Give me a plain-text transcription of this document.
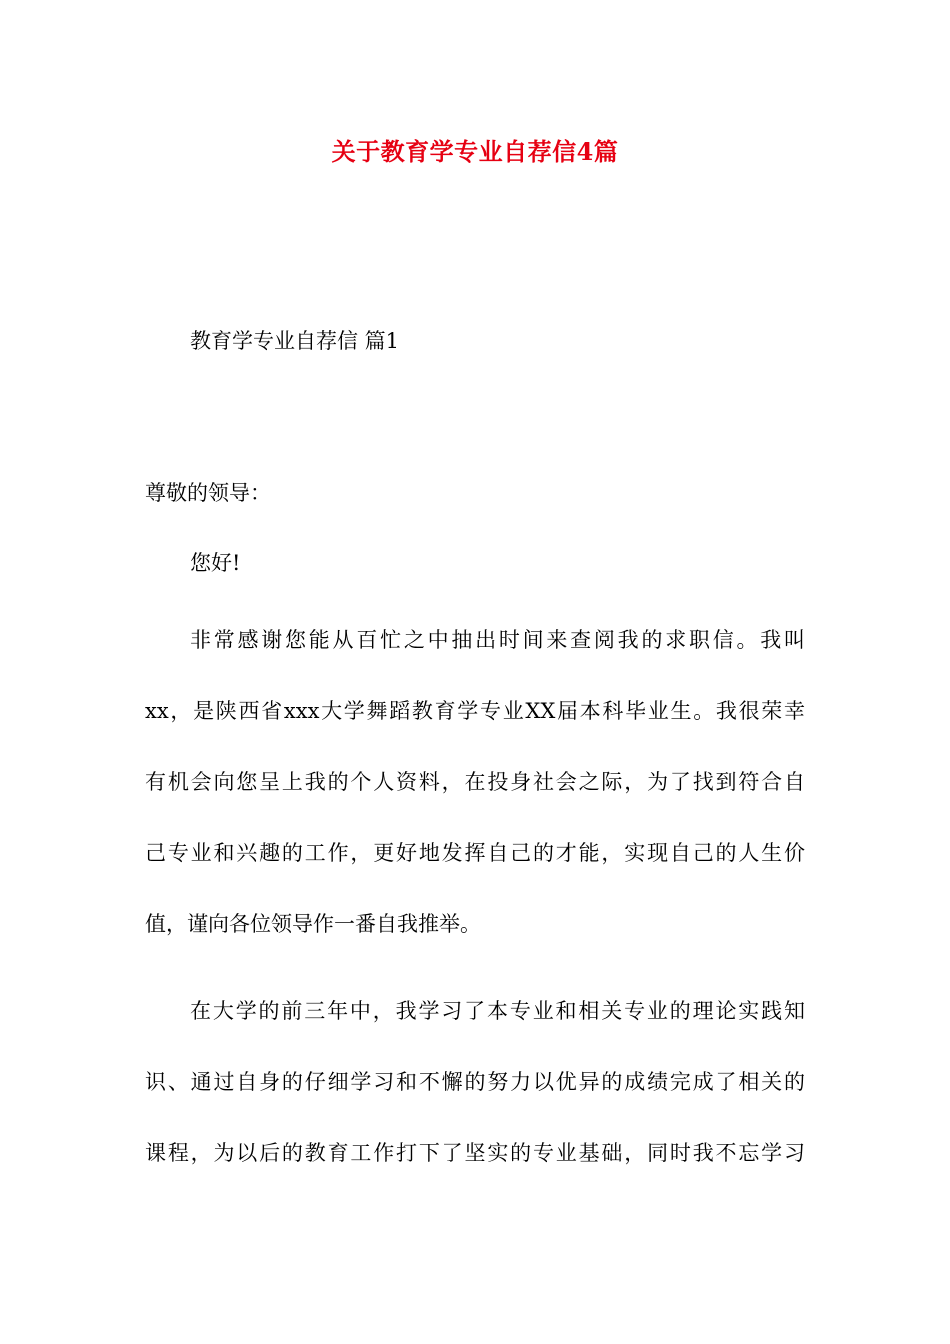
关于教育学专业自荐信4篇
教育学专业自荐信 篇1
尊敬的领导：
您好!
非常感谢您能从百忙之中抽出时间来查阅我的求职信。我叫
xx，是陕西省xxx大学舞蹈教育学专业XX届本科毕业生。我很荣幸
有机会向您呈上我的个人资料，在投身社会之际，为了找到符合自
己专业和兴趣的工作，更好地发挥自己的才能，实现自己的人生价
值，谨向各位领导作一番自我推举。
在大学的前三年中，我学习了本专业和相关专业的理论实践知
识、通过自身的仔细学习和不懈的努力以优异的成绩完成了相关的
课程，为以后的教育工作打下了坚实的专业基础，同时我不忘学习
